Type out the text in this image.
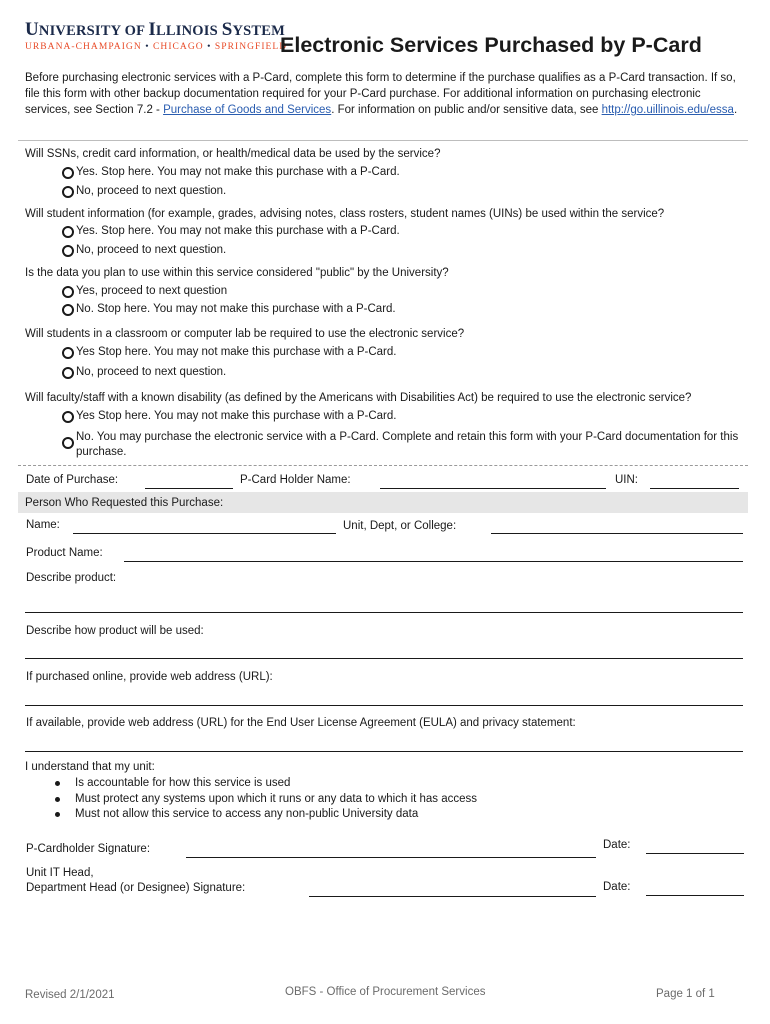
UNIVERSITY OF ILLINOIS SYSTEM
URBANA-CHAMPAIGN • CHICAGO • SPRINGFIELD
Electronic Services Purchased by P-Card
Before purchasing electronic services with a P-Card, complete this form to determine if the purchase qualifies as a P-Card transaction. If so, file this form with other backup documentation required for your P-Card purchase. For additional information on purchasing electronic services, see Section 7.2 - Purchase of Goods and Services. For information on public and/or sensitive data, see http://go.uillinois.edu/essa.
Will SSNs, credit card information, or health/medical data be used by the service?
Yes. Stop here. You may not make this purchase with a P-Card.
No, proceed to next question.
Will student information (for example, grades, advising notes, class rosters, student names (UINs) be used within the service?
Yes. Stop here. You may not make this purchase with a P-Card.
No, proceed to next question.
Is the data you plan to use within this service considered "public" by the University?
Yes, proceed to next question
No. Stop here. You may not make this purchase with a P-Card.
Will students in a classroom or computer lab be required to use the electronic service?
Yes Stop here. You may not make this purchase with a P-Card.
No, proceed to next question.
Will faculty/staff with a known disability (as defined by the Americans with Disabilities Act) be required to use the electronic service?
Yes Stop here. You may not make this purchase with a P-Card.
No. You may purchase the electronic service with a P-Card. Complete and retain this form with your P-Card documentation for this purchase.
Date of Purchase:	P-Card Holder Name:	UIN:
Person Who Requested this Purchase:
Name:	Unit, Dept, or College:
Product Name:
Describe product:
Describe how product will be used:
If purchased online, provide web address (URL):
If available, provide web address (URL) for the End User License Agreement (EULA) and privacy statement:
I understand that my unit:
Is accountable for how this service is used
Must protect any systems upon which it runs or any data to which it has access
Must not allow this service to access any non-public University data
P-Cardholder Signature:	Date:
Unit IT Head,
Department Head (or Designee) Signature:	Date:
Revised 2/1/2021	OBFS - Office of Procurement Services	Page 1 of 1
